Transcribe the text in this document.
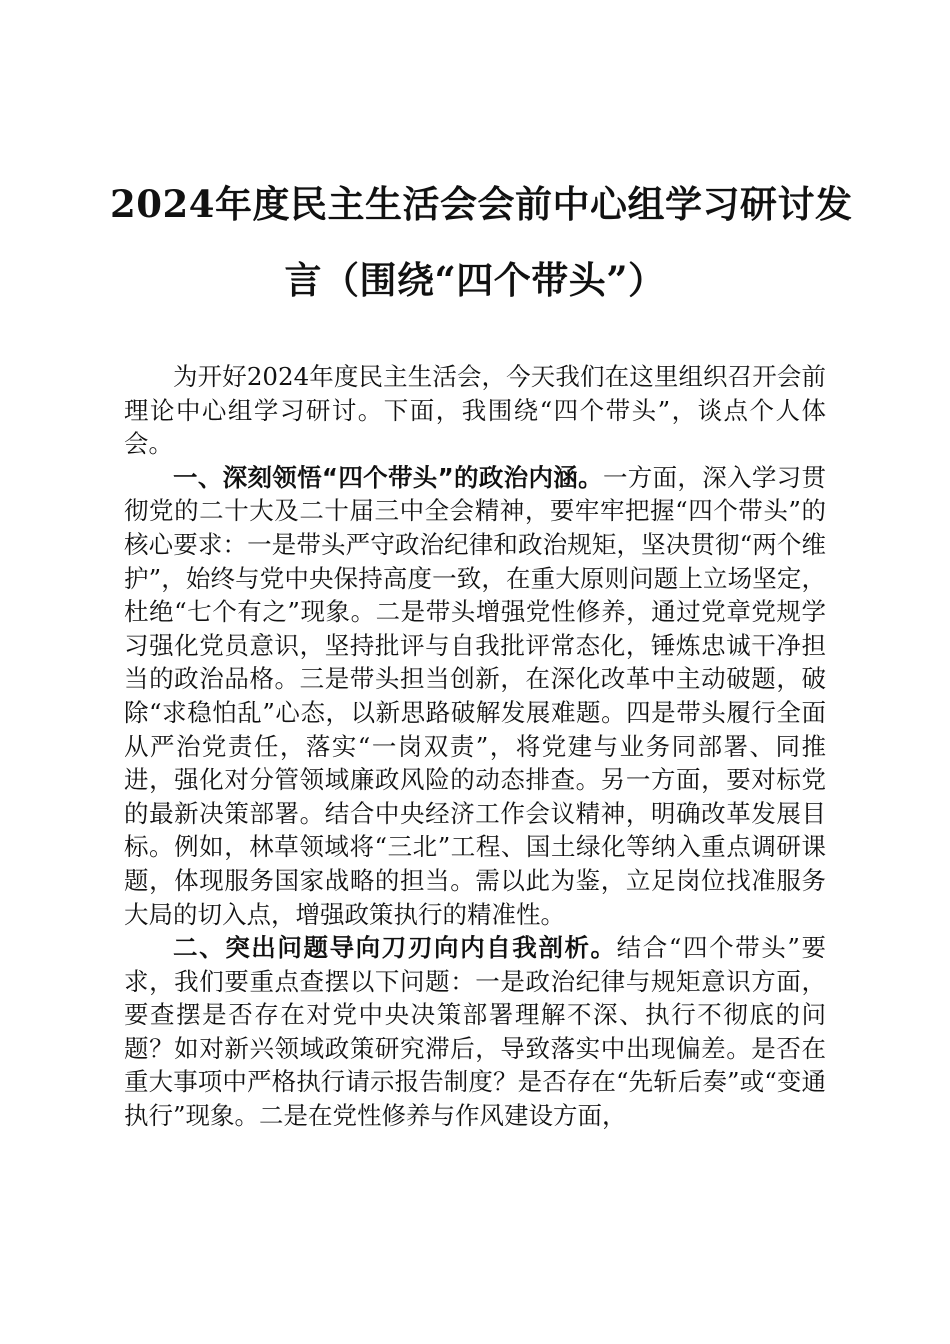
2024年度民主生活会会前中心组学习研讨发
言（围绕“四个带头”）

为开好2024年度民主生活会，今天我们在这里组织召开会前理论中心组学习研讨。下面，我围绕“四个带头”，谈点个人体会。

一、深刻领悟“四个带头”的政治内涵。一方面，深入学习贯彻党的二十大及二十届三中全会精神，要牢牢把握“四个带头”的核心要求：一是带头严守政治纪律和政治规矩，坚决贯彻“两个维护”，始终与党中央保持高度一致，在重大原则问题上立场坚定，杜绝“七个有之”现象。二是带头增强党性修养，通过党章党规学习强化党员意识，坚持批评与自我批评常态化，锤炼忠诚干净担当的政治品格。三是带头担当创新，在深化改革中主动破题，破除“求稳怕乱”心态，以新思路破解发展难题。四是带头履行全面从严治党责任，落实“一岗双责”，将党建与业务同部署、同推进，强化对分管领域廉政风险的动态排查。另一方面，要对标党的最新决策部署。结合中央经济工作会议精神，明确改革发展目标。例如，林草领域将“三北”工程、国土绿化等纳入重点调研课题，体现服务国家战略的担当。需以此为鉴，立足岗位找准服务大局的切入点，增强政策执行的精准性。

二、突出问题导向刀刃向内自我剖析。结合“四个带头”要求，我们要重点查摆以下问题：一是政治纪律与规矩意识方面，要查摆是否存在对党中央决策部署理解不深、执行不彻底的问题？如对新兴领域政策研究滞后，导致落实中出现偏差。是否在重大事项中严格执行请示报告制度？是否存在“先斩后奏”或“变通执行”现象。二是在党性修养与作风建设方面，
